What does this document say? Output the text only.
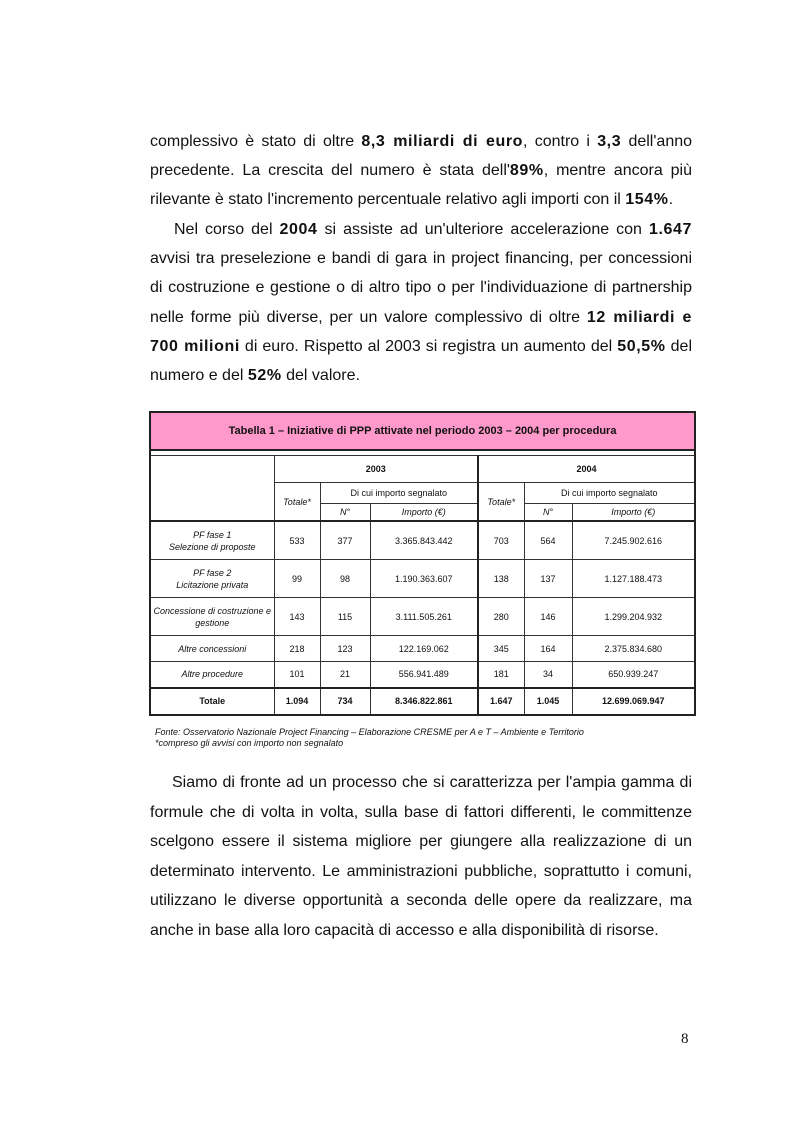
complessivo è stato di oltre 8,3 miliardi di euro, contro i 3,3 dell'anno precedente. La crescita del numero è stata dell'89%, mentre ancora più rilevante è stato l'incremento percentuale relativo agli importi con il 154%.

Nel corso del 2004 si assiste ad un'ulteriore accelerazione con 1.647 avvisi tra preselezione e bandi di gara in project financing, per concessioni di costruzione e gestione o di altro tipo o per l'individuazione di partnership nelle forme più diverse, per un valore complessivo di oltre 12 miliardi e 700 milioni di euro. Rispetto al 2003 si registra un aumento del 50,5% del numero e del 52% del valore.

Tabella 1 – Iniziative di PPP attivate nel periodo 2003 – 2004 per procedura						

	2003			2004		
	Totale*	Di cui importo segnalato		Totale*	Di cui importo segnalato	
		N°	Importo (€)		N°	Importo (€)
PF fase 1
Selezione di proposte	533	377	3.365.843.442	703	564	7.245.902.616
PF fase 2
Licitazione privata	99	98	1.190.363.607	138	137	1.127.188.473
Concessione di costruzione e
gestione	143	115	3.111.505.261	280	146	1.299.204.932
Altre concessioni	218	123	122.169.062	345	164	2.375.834.680
Altre procedure	101	21	556.941.489	181	34	650.939.247
Totale	1.094	734	8.346.822.861	1.647	1.045	12.699.069.947
Fonte: Osservatorio Nazionale Project Financing – Elaborazione CRESME per A e T – Ambiente e Territorio
*compreso gli avvisi con importo non segnalato

Siamo di fronte ad un processo che si caratterizza per l'ampia gamma di formule che di volta in volta, sulla base di fattori differenti, le committenze scelgono essere il sistema migliore per giungere alla realizzazione di un determinato intervento. Le amministrazioni pubbliche, soprattutto i comuni, utilizzano le diverse opportunità a seconda delle opere da realizzare, ma anche in base alla loro capacità di accesso e alla disponibilità di risorse.

8
